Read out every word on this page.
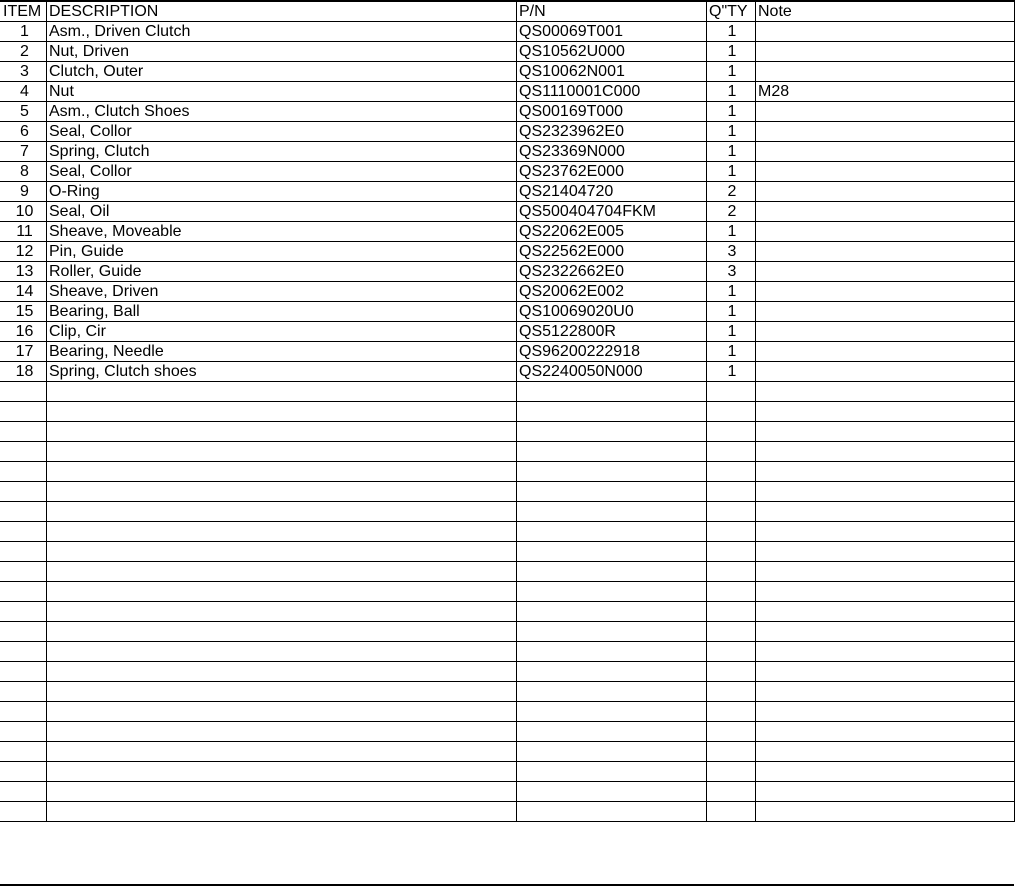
ITEM	DESCRIPTION	P/N	Q"TY	Note
1	Asm., Driven Clutch	QS00069T001	1	
2	Nut, Driven	QS10562U000	1	
3	Clutch, Outer	QS10062N001	1	
4	Nut	QS1110001C000	1	M28
5	Asm., Clutch Shoes	QS00169T000	1	
6	Seal, Collor	QS2323962E0	1	
7	Spring, Clutch	QS23369N000	1	
8	Seal, Collor	QS23762E000	1	
9	O-Ring	QS21404720	2	
10	Seal, Oil	QS500404704FKM	2	
11	Sheave, Moveable	QS22062E005	1	
12	Pin, Guide	QS22562E000	3	
13	Roller, Guide	QS2322662E0	3	
14	Sheave, Driven	QS20062E002	1	
15	Bearing, Ball	QS10069020U0	1	
16	Clip, Cir	QS5122800R	1	
17	Bearing, Needle	QS96200222918	1	
18	Spring, Clutch shoes	QS2240050N000	1	
